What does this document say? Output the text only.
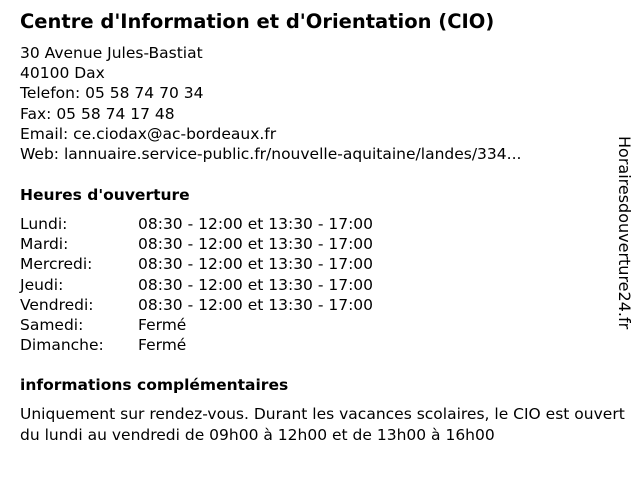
Centre d'Information et d'Orientation (CIO)
30 Avenue Jules-Bastiat
40100 Dax
Telefon: 05 58 74 70 34
Fax: 05 58 74 17 48
Email: ce.ciodax@ac-bordeaux.fr
Web: lannuaire.service-public.fr/nouvelle-aquitaine/landes/334...
Heures d'ouverture
Lundi:	08:30 - 12:00 et 13:30 - 17:00
Mardi:	08:30 - 12:00 et 13:30 - 17:00
Mercredi:	08:30 - 12:00 et 13:30 - 17:00
Jeudi:	08:30 - 12:00 et 13:30 - 17:00
Vendredi:	08:30 - 12:00 et 13:30 - 17:00
Samedi:	Fermé
Dimanche: Fermé
informations complémentaires
Uniquement sur rendez-vous. Durant les vacances scolaires, le CIO est ouvert du lundi au vendredi de 09h00 à 12h00 et de 13h00 à 16h00
Horairesdouverture24.fr
